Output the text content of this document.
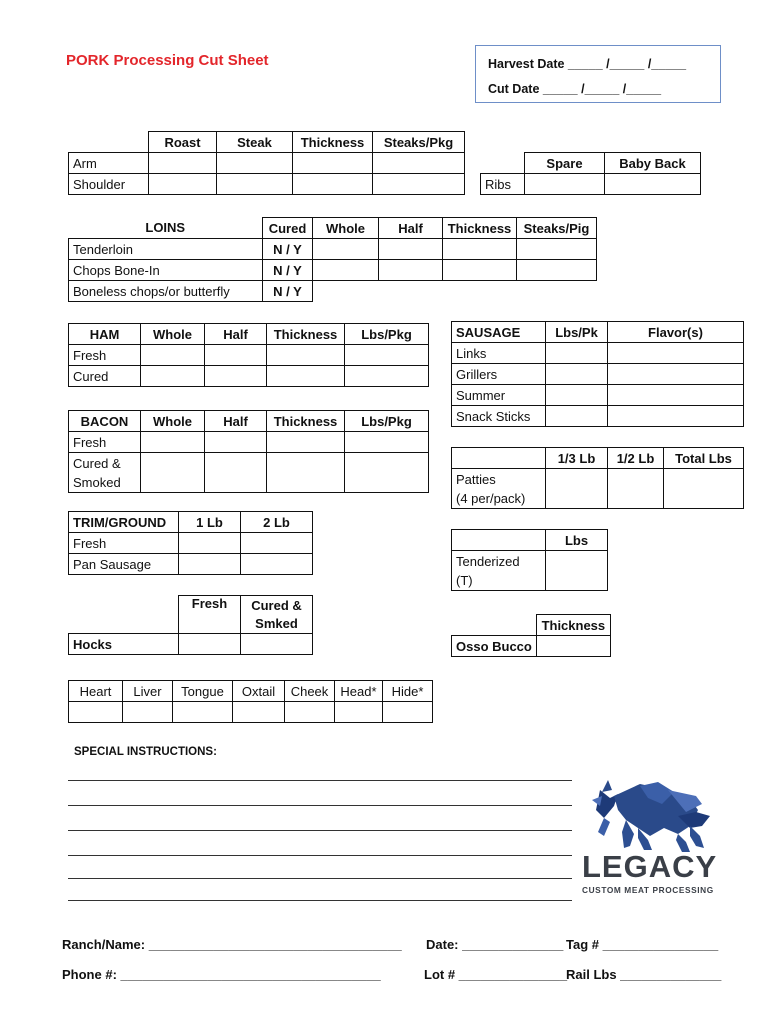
PORK Processing Cut Sheet	Harvest Date _____ /_____ /_____
Cut Date _____ /_____ /_____
	Roast	Steak	Thickness	Steaks/Pkg
Arm				
Shoulder				
	Spare	Baby Back
Ribs		
LOINS	Cured	Whole	Half	Thickness	Steaks/Pig
Tenderloin	N / Y				
Chops Bone-In	N / Y				
Boneless chops/or butterfly	N / Y				
HAM	Whole	Half	Thickness	Lbs/Pkg
Fresh				
Cured				
SAUSAGE	Lbs/Pk	Flavor(s)
Links		
Grillers		
Summer		
Snack Sticks		
BACON	Whole	Half	Thickness	Lbs/Pkg
Fresh				
Cured &
Smoked				
	1/3 Lb	1/2 Lb	Total Lbs
Patties
(4 per/pack)			
TRIM/GROUND	1 Lb	2 Lb
Fresh		
Pan Sausage		
	Lbs
Tenderized
(T)	
	Fresh	Cured &
Smked
Hocks		
	Thickness
Osso Bucco	
Heart	Liver	Tongue	Oxtail	Cheek	Head*	Hide*

SPECIAL INSTRUCTIONS:
LEGACY
CUSTOM MEAT PROCESSING
Ranch/Name: ___________________________________
Phone #: ____________________________________
Date: ______________ Tag # ________________
Lot # _______________
Rail Lbs ______________
